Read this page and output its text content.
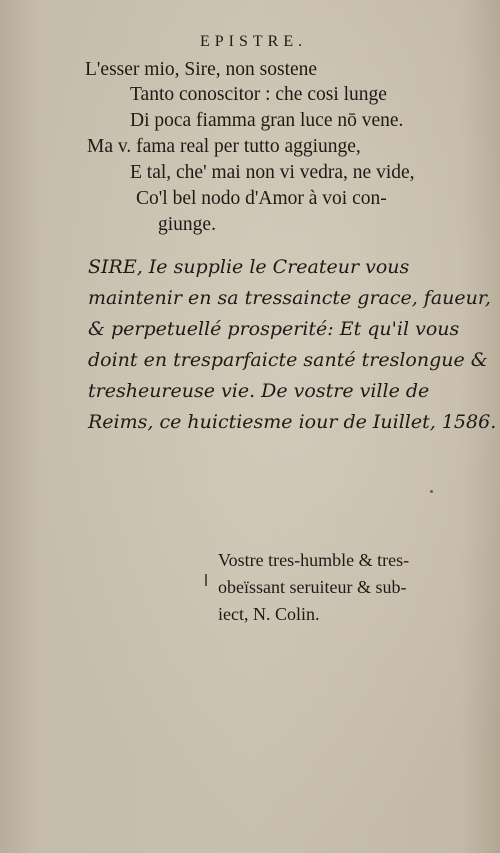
EPISTRE.
L'esser mio, Sire, non sostene
Tanto conoscitor : che cosi lunge
Di poca fiamma gran luce nō vene.
Ma v. fama real per tutto aggiunge,
E tal, che' mai non vi vedra, ne vide,
Co'l bel nodo d'Amor à voi con-
giunge.
SIRE, Ie supplie le Createur vous
maintenir en sa tressaincte grace, faueur,
& perpetuellé prosperité: Et qu'il vous
doint en tresparfaicte santé treslongue &
tresheureuse vie. De vostre ville de
Reims, ce huictiesme iour de Iuillet, 1586.
Vostre tres-humble & tres-
obeïssant seruiteur & sub-
iect, N. Colin.
